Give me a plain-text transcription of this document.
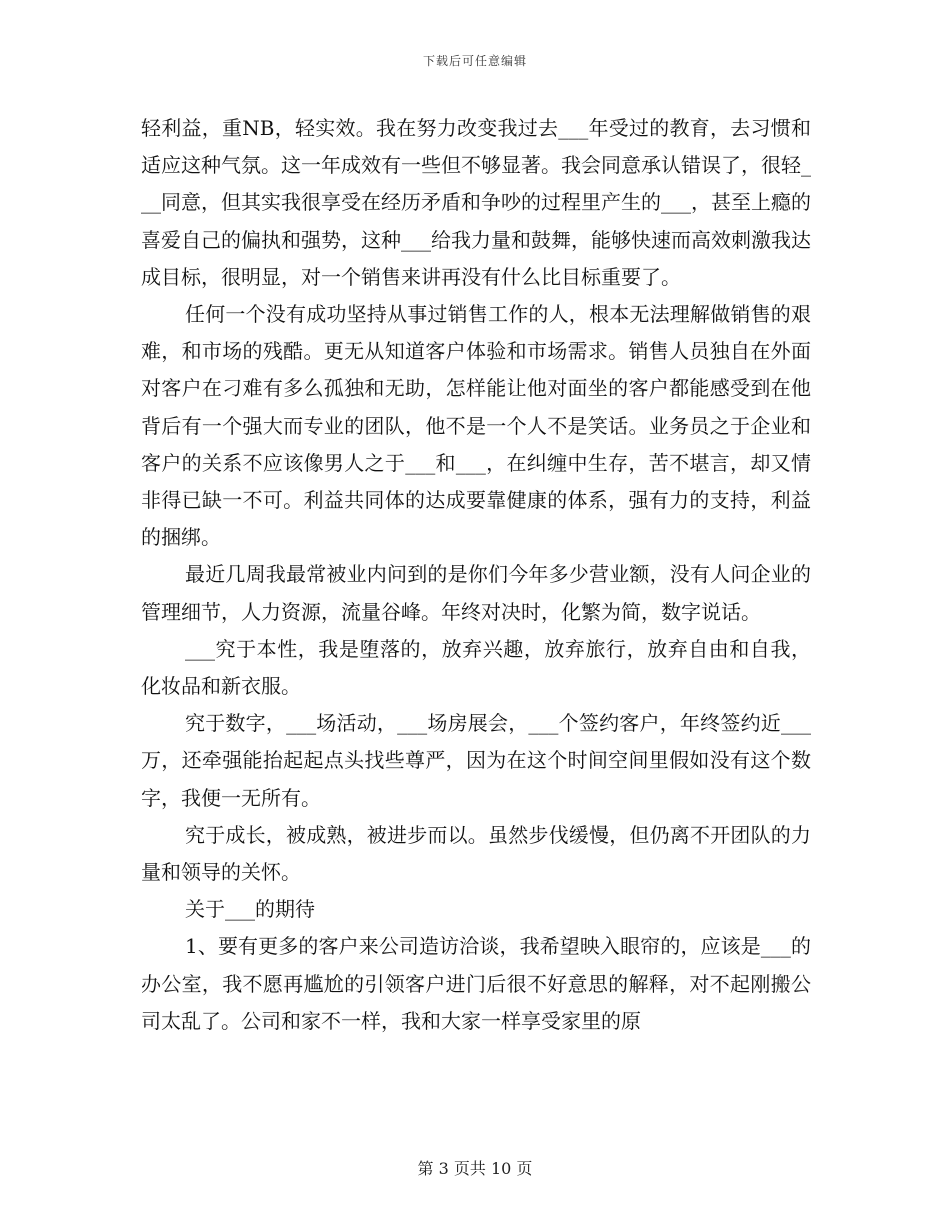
下载后可任意编辑

轻利益，重NB，轻实效。我在努力改变我过去___年受过的教育，去习惯和适应这种气氛。这一年成效有一些但不够显著。我会同意承认错误了，很轻___同意，但其实我很享受在经历矛盾和争吵的过程里产生的___，甚至上瘾的喜爱自己的偏执和强势，这种___给我力量和鼓舞，能够快速而高效刺激我达成目标，很明显，对一个销售来讲再没有什么比目标重要了。

任何一个没有成功坚持从事过销售工作的人，根本无法理解做销售的艰难，和市场的残酷。更无从知道客户体验和市场需求。销售人员独自在外面对客户在刁难有多么孤独和无助，怎样能让他对面坐的客户都能感受到在他背后有一个强大而专业的团队，他不是一个人不是笑话。业务员之于企业和客户的关系不应该像男人之于___和___，在纠缠中生存，苦不堪言，却又情非得已缺一不可。利益共同体的达成要靠健康的体系，强有力的支持，利益的捆绑。

最近几周我最常被业内问到的是你们今年多少营业额，没有人问企业的管理细节，人力资源，流量谷峰。年终对决时，化繁为简，数字说话。

___究于本性，我是堕落的，放弃兴趣，放弃旅行，放弃自由和自我，化妆品和新衣服。

究于数字，___场活动，___场房展会，___个签约客户，年终签约近___万，还牵强能抬起起点头找些尊严，因为在这个时间空间里假如没有这个数字，我便一无所有。

究于成长，被成熟，被进步而以。虽然步伐缓慢，但仍离不开团队的力量和领导的关怀。

关于___的期待

1、要有更多的客户来公司造访洽谈，我希望映入眼帘的，应该是___的办公室，我不愿再尴尬的引领客户进门后很不好意思的解释，对不起刚搬公司太乱了。公司和家不一样，我和大家一样享受家里的原

第 3 页共 10 页
